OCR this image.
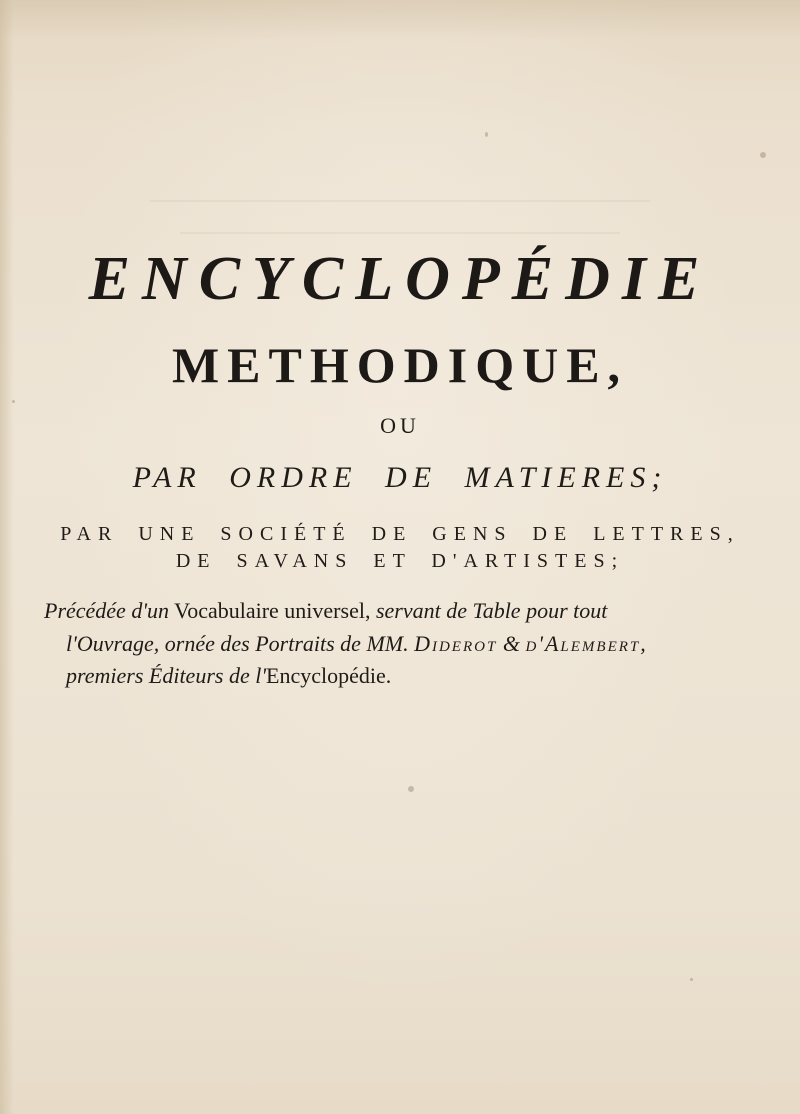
ENCYCLOPÉDIE
METHODIQUE,
OU
PAR ORDRE DE MATIERES;
PAR UNE SOCIÉTÉ DE GENS DE LETTRES,
DE SAVANS ET D'ARTISTES;
Précédée d'un Vocabulaire universel, servant de Table pour tout
l'Ouvrage, ornée des Portraits de MM. Diderot & d'Alembert,
premiers Éditeurs de l'Encyclopédie.
